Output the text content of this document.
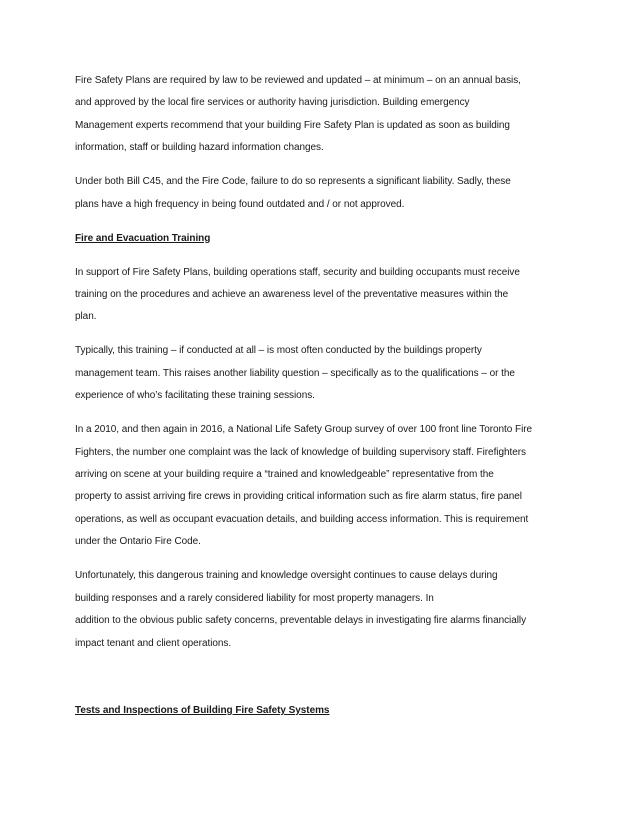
Fire Safety Plans are required by law to be reviewed and updated – at minimum – on an annual basis,
and approved by the local fire services or authority having jurisdiction. Building emergency
Management experts recommend that your building Fire Safety Plan is updated as soon as building
information, staff or building hazard information changes.
Under both Bill C45, and the Fire Code, failure to do so represents a significant liability. Sadly, these
plans have a high frequency in being found outdated and / or not approved.
Fire and Evacuation Training
In support of Fire Safety Plans, building operations staff, security and building occupants must receive
training on the procedures and achieve an awareness level of the preventative measures within the
plan.
Typically, this training – if conducted at all – is most often conducted by the buildings property
management team. This raises another liability question – specifically as to the qualifications – or the
experience of who’s facilitating these training sessions.
In a 2010, and then again in 2016, a National Life Safety Group survey of over 100 front line Toronto Fire
Fighters, the number one complaint was the lack of knowledge of building supervisory staff. Firefighters
arriving on scene at your building require a “trained and knowledgeable” representative from the
property to assist arriving fire crews in providing critical information such as fire alarm status, fire panel
operations, as well as occupant evacuation details, and building access information. This is requirement
under the Ontario Fire Code.
Unfortunately, this dangerous training and knowledge oversight continues to cause delays during
building responses and a rarely considered liability for most property managers. In
addition to the obvious public safety concerns, preventable delays in investigating fire alarms financially
impact tenant and client operations.
Tests and Inspections of Building Fire Safety Systems
